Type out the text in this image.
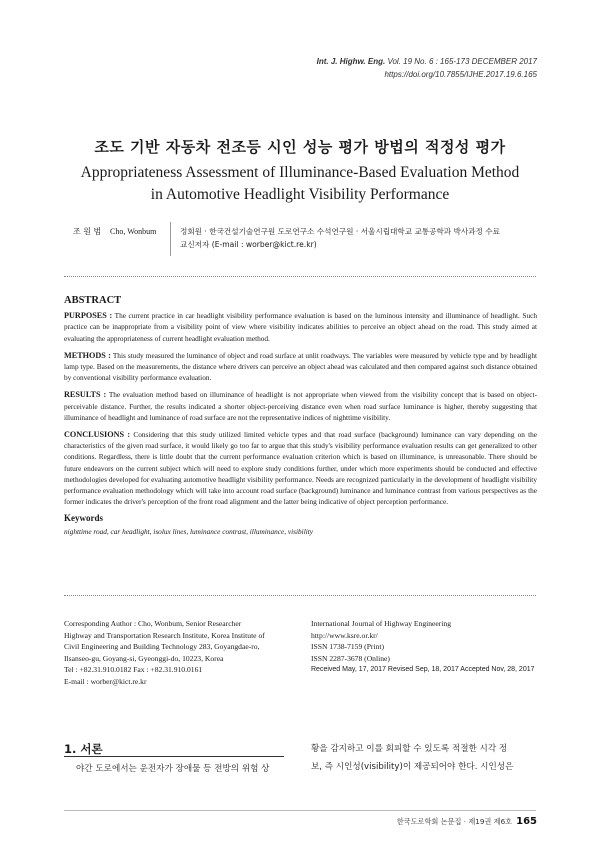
Int. J. Highw. Eng. Vol. 19 No. 6 : 165-173 DECEMBER 2017
https://doi.org/10.7855/IJHE.2017.19.6.165
조도 기반 자동차 전조등 시인 성능 평가 방법의 적정성 평가
Appropriateness Assessment of Illuminance-Based Evaluation Method
in Automotive Headlight Visibility Performance
조 원 범 Cho, Wonbum	정회원 · 한국건설기술연구원 도로연구소 수석연구원 · 서울시립대학교 교통공학과 박사과정 수료
교신저자 (E-mail : worber@kict.re.kr)
ABSTRACT

PURPOSES : The current practice in car headlight visibility performance evaluation is based on the luminous intensity and illuminance of headlight. Such practice can be inappropriate from a visibility point of view where visibility indicates abilities to perceive an object ahead on the road. This study aimed at evaluating the appropriateness of current headlight evaluation method.

METHODS : This study measured the luminance of object and road surface at unlit roadways. The variables were measured by vehicle type and by headlight lamp type. Based on the measurements, the distance where drivers can perceive an object ahead was calculated and then compared against such distance obtained by conventional visibility performance evaluation.

RESULTS : The evaluation method based on illuminance of headlight is not appropriate when viewed from the visibility concept that is based on object-perceivable distance. Further, the results indicated a shorter object-perceiving distance even when road surface luminance is higher, thereby suggesting that illuminance of headlight and luminance of road surface are not the representative indices of nighttime visibility.

CONCLUSIONS : Considering that this study utilized limited vehicle types and that road surface (background) luminance can vary depending on the characteristics of the given road surface, it would likely go too far to argue that this study's visibility performance evaluation results can get generalized to other conditions. Regardless, there is little doubt that the current performance evaluation criterion which is based on illuminance, is unreasonable. There should be future endeavors on the current subject which will need to explore study conditions further, under which more experiments should be conducted and effective methodologies developed for evaluating automotive headlight visibility performance. Needs are recognized particularly in the development of headlight visibility performance evaluation methodology which will take into account road surface (background) luminance and luminance contrast from various perspectives as the former indicates the driver's perception of the front road alignment and the latter being indicative of object perception performance.

Keywords
nighttime road, car headlight, isolux lines, luminance contrast, illuminance, visibility
Corresponding Author : Cho, Wonbum, Senior Researcher
Highway and Transportation Research Institute, Korea Institute of
Civil Engineering and Building Technology 283, Goyangdae-ro,
Ilsanseo-gu, Goyang-si, Gyeonggi-do, 10223, Korea
Tel : +82.31.910.0182 Fax : +82.31.910.0161
E-mail : worber@kict.re.kr
International Journal of Highway Engineering
http://www.ksre.or.kr/
ISSN 1738-7159 (Print)
ISSN 2287-3678 (Online)
Received May, 17, 2017 Revised Sep, 18, 2017 Accepted Nov, 28, 2017
1. 서론
야간 도로에서는 운전자가 장애물 등 전방의 위험 상
황을 감지하고 이를 회피할 수 있도록 적절한 시각 정
보, 즉 시인성(visibility)이 제공되어야 한다. 시인성은
한국도로학회 논문집 · 제19권 제6호 165
